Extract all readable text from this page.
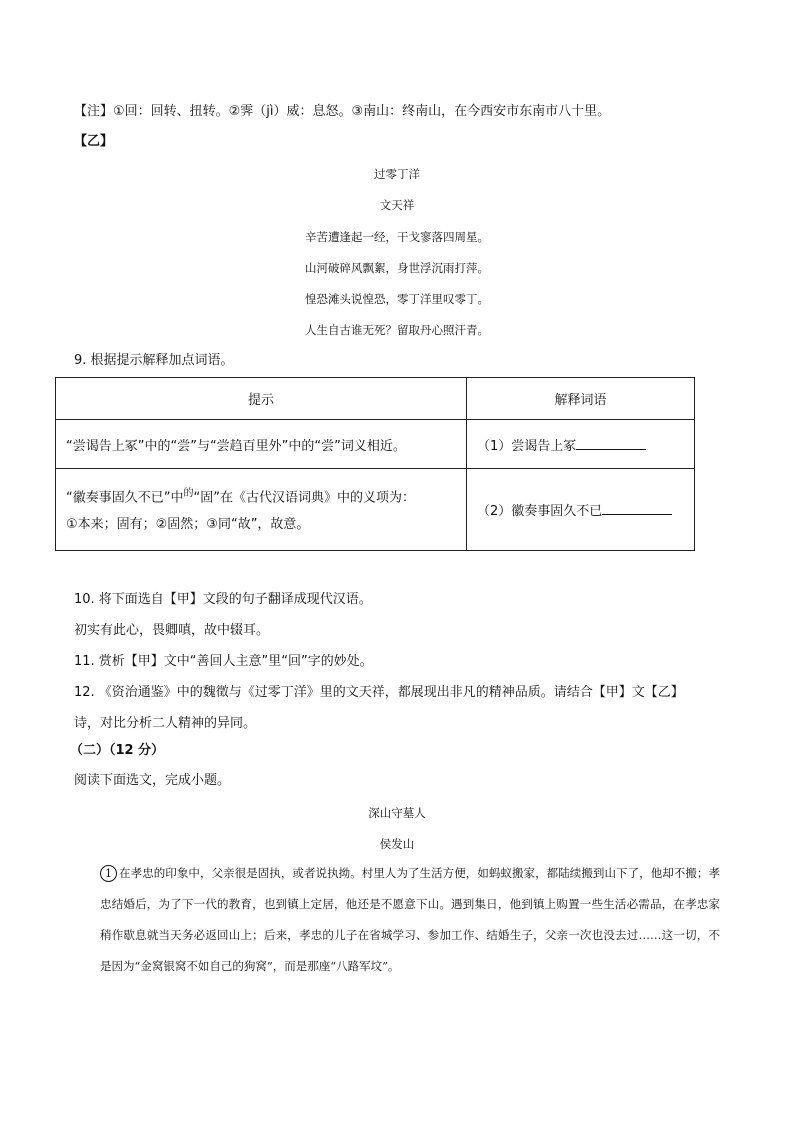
【注】①回：回转、扭转。②霁（jì）威：息怒。③南山：终南山，在今西安市东南市八十里。
【乙】
过零丁洋
文天祥
辛苦遭逢起一经，干戈寥落四周星。
山河破碎风飘絮，身世浮沉雨打萍。
惶恐滩头说惶恐，零丁洋里叹零丁。
人生自古谁无死？留取丹心照汗青。
9. 根据提示解释加点词语。
提示	解释词语
“尝谒告上冢”中的“尝”与“尝趋百里外”中的“尝”词义相近。	（1）尝谒告上冢
“徽奏事固久不已”中$^的$“固”在《古代汉语词典》中的义项为：
①本来；固有；②固然；③同“故”，故意。	（2）徽奏事固久不已
10. 将下面选自【甲】文段的句子翻译成现代汉语。
初实有此心，畏卿嗔，故中辍耳。
11. 赏析【甲】文中“善回人主意”里“回”字的妙处。
12. 《资治通鉴》中的魏徵与《过零丁洋》里的文天祥，都展现出非凡的精神品质。请结合【甲】文【乙】
诗，对比分析二人精神的异同。
（二）（12 分）
阅读下面选文，完成小题。
深山守墓人
侯发山
1 在孝忠的印象中，父亲很是固执，或者说执拗。村里人为了生活方便，如蚂蚁搬家，都陆续搬到山下了，他却不搬；孝忠结婚后，为了下一代的教育，也到镇上定居，他还是不愿意下山。遇到集日，他到镇上购置一些生活必需品，在孝忠家稍作歇息就当天务必返回山上；后来，孝忠的儿子在省城学习、参加工作、结婚生子，父亲一次也没去过……这一切，不是因为“金窝银窝不如自己的狗窝”，而是那座“八路军坟”。
